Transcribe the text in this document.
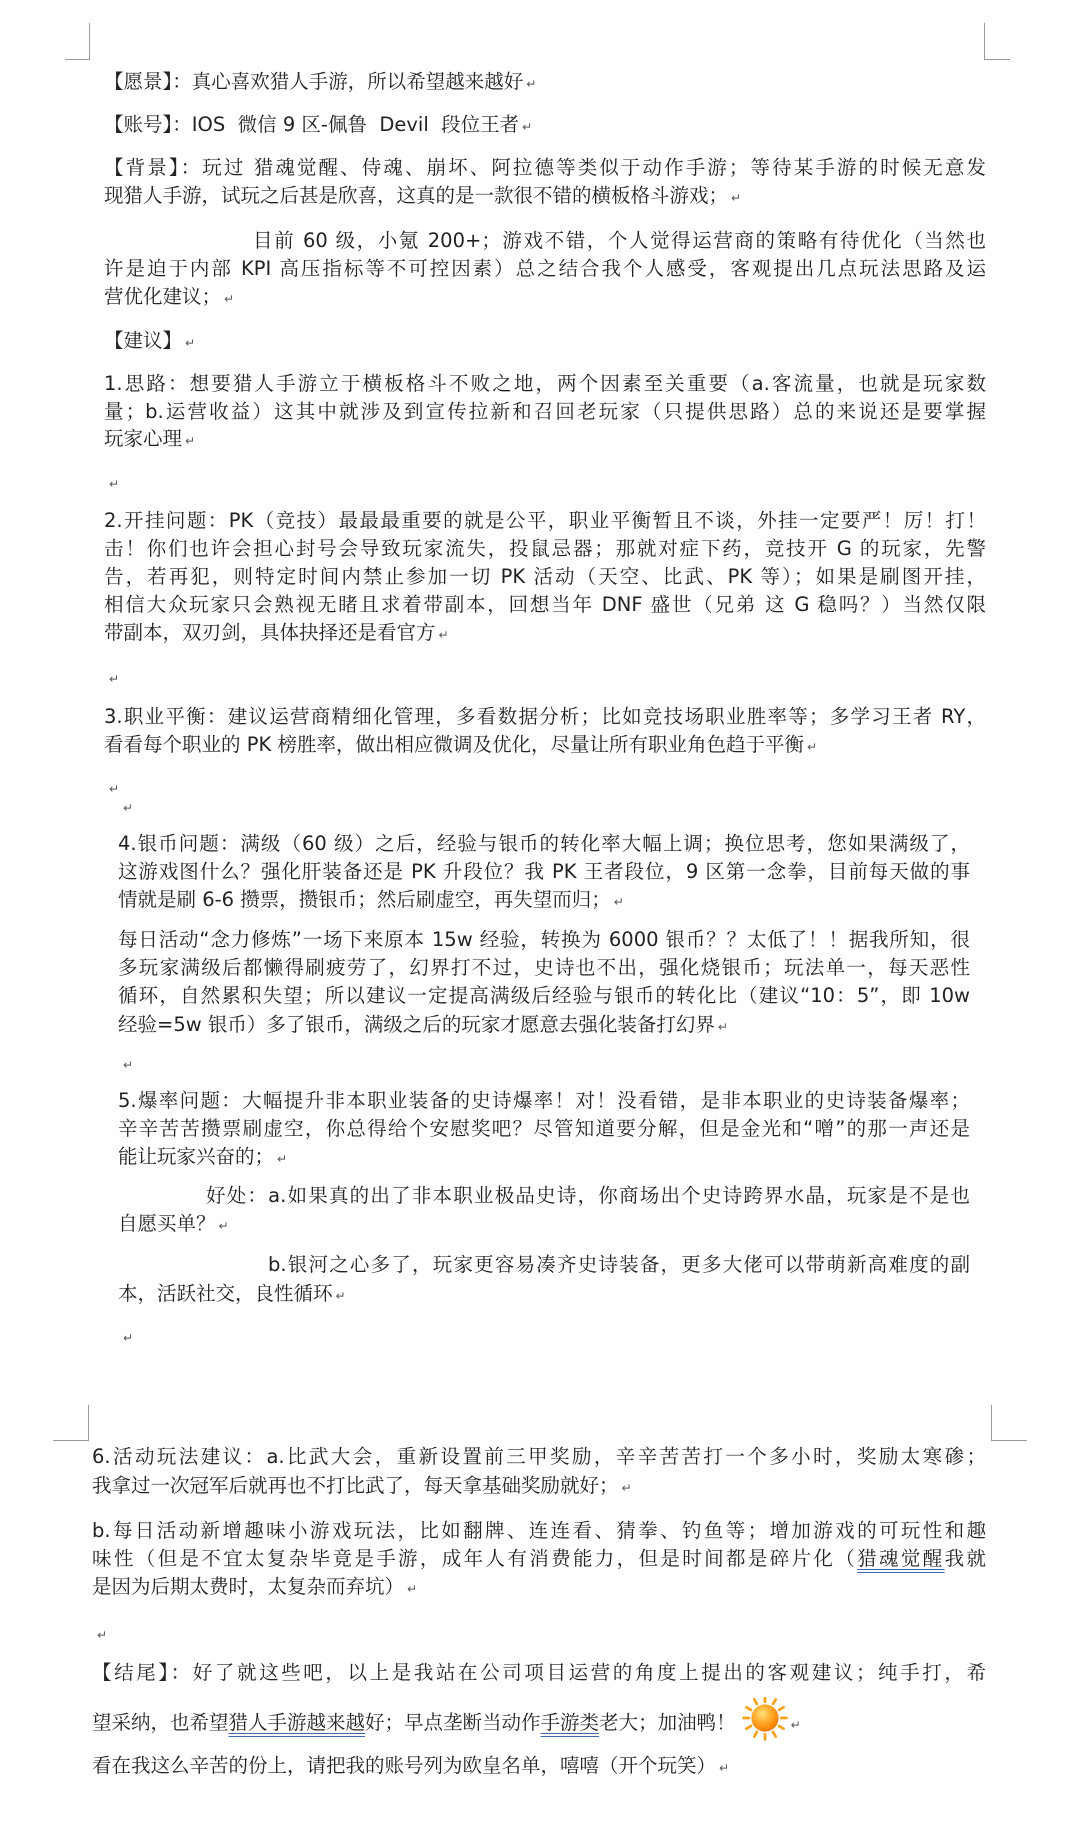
【愿景】：真心喜欢猎人手游，所以希望越来越好 ↵
【账号】：IOS  微信 9 区-佩鲁  Devil  段位王者 ↵
【背景】：玩过 猎魂觉醒、侍魂、崩坏、阿拉德等类似于动作手游；等待某手游的时候无意发
现猎人手游，试玩之后甚是欣喜，这真的是一款很不错的横板格斗游戏； ↵
目前 60 级，小氪 200+；游戏不错，个人觉得运营商的策略有待优化（当然也
许是迫于内部 KPI 高压指标等不可控因素）总之结合我个人感受，客观提出几点玩法思路及运
营优化建议； ↵
【建议】 ↵
1.思路：想要猎人手游立于横板格斗不败之地，两个因素至关重要（a.客流量，也就是玩家数
量；b.运营收益）这其中就涉及到宣传拉新和召回老玩家（只提供思路）总的来说还是要掌握
玩家心理 ↵
↵
2.开挂问题：PK（竞技）最最最重要的就是公平，职业平衡暂且不谈，外挂一定要严！厉！打！
击！你们也许会担心封号会导致玩家流失，投鼠忌器；那就对症下药，竞技开 G 的玩家，先警
告，若再犯，则特定时间内禁止参加一切 PK 活动（天空、比武、PK 等）；如果是刷图开挂，
相信大众玩家只会熟视无睹且求着带副本，回想当年 DNF 盛世（兄弟 这 G 稳吗？）当然仅限
带副本，双刃剑，具体抉择还是看官方 ↵
↵
3.职业平衡：建议运营商精细化管理，多看数据分析；比如竞技场职业胜率等；多学习王者 RY，
看看每个职业的 PK 榜胜率，做出相应微调及优化，尽量让所有职业角色趋于平衡 ↵
↵
↵
4.银币问题：满级（60 级）之后，经验与银币的转化率大幅上调；换位思考，您如果满级了，
这游戏图什么？强化肝装备还是 PK 升段位？我 PK 王者段位，9 区第一念拳，目前每天做的事
情就是刷 6-6 攒票，攒银币；然后刷虚空，再失望而归； ↵
每日活动“念力修炼”一场下来原本 15w 经验，转换为 6000 银币？？太低了！！据我所知，很
多玩家满级后都懒得刷疲劳了，幻界打不过，史诗也不出，强化烧银币；玩法单一，每天恶性
循环，自然累积失望；所以建议一定提高满级后经验与银币的转化比（建议“10：5”，即 10w
经验=5w 银币）多了银币，满级之后的玩家才愿意去强化装备打幻界 ↵
↵
5.爆率问题：大幅提升非本职业装备的史诗爆率！对！没看错，是非本职业的史诗装备爆率；
辛辛苦苦攒票刷虚空，你总得给个安慰奖吧？尽管知道要分解，但是金光和“噌”的那一声还是
能让玩家兴奋的； ↵
好处：a.如果真的出了非本职业极品史诗，你商场出个史诗跨界水晶，玩家是不是也
自愿买单？ ↵
b.银河之心多了，玩家更容易凑齐史诗装备，更多大佬可以带萌新高难度的副
本，活跃社交，良性循环 ↵
↵
6.活动玩法建议：a.比武大会，重新设置前三甲奖励，辛辛苦苦打一个多小时，奖励太寒碜；
我拿过一次冠军后就再也不打比武了，每天拿基础奖励就好； ↵
b.每日活动新增趣味小游戏玩法，比如翻牌、连连看、猜拳、钓鱼等；增加游戏的可玩性和趣
味性（但是不宜太复杂毕竟是手游，成年人有消费能力，但是时间都是碎片化（猎魂觉醒我就
是因为后期太费时，太复杂而弃坑） ↵
↵
【结尾】：好了就这些吧，以上是我站在公司项目运营的角度上提出的客观建议；纯手打，希
望采纳，也希望猎人手游越来越好；早点垄断当动作手游类老大；加油鸭！	↵
看在我这么辛苦的份上，请把我的账号列为欧皇名单，嘻嘻（开个玩笑） ↵
